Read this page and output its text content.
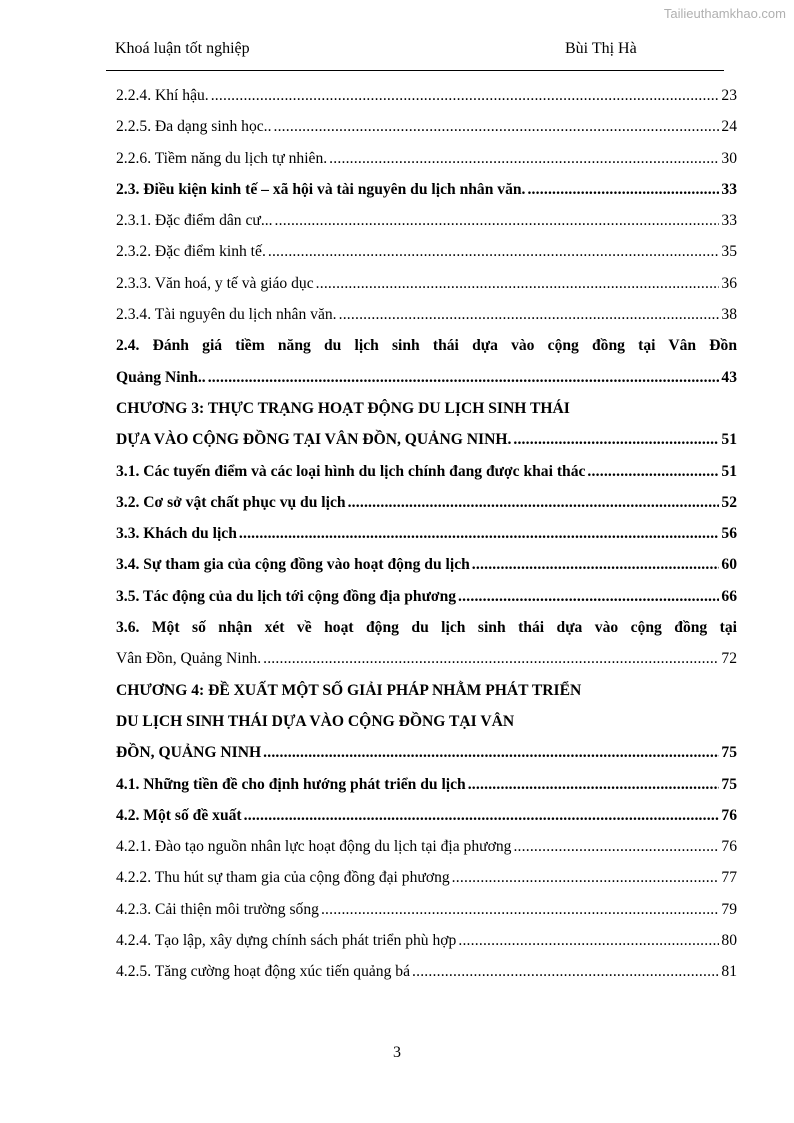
Tailieuthamkhao.com
Khoá luận tốt nghiệp	Bùi Thị Hà
2.2.4. Khí hậu. .....	23
2.2.5. Đa dạng sinh học.. .....	24
2.2.6. Tiềm năng du lịch tự nhiên. .....	30
2.3. Điều kiện kinh tế – xã hội và tài nguyên du lịch nhân văn. .....	33
2.3.1. Đặc điểm dân cư... .....	33
2.3.2. Đặc điểm kinh tế. .....	35
2.3.3. Văn hoá, y tế và giáo dục .....	36
2.3.4. Tài nguyên du lịch nhân văn. .....	38
2.4. Đánh giá tiềm năng du lịch sinh thái dựa vào cộng đồng tại Vân Đồn
Quảng Ninh.. .....	43
CHƯƠNG 3: THỰC TRẠNG HOẠT ĐỘNG DU LỊCH SINH THÁI
DỰA VÀO CỘNG ĐỒNG TẠI VÂN ĐỒN, QUẢNG NINH. .....	51
3.1. Các tuyến điểm và các loại hình du lịch chính đang được khai thác .....	51
3.2. Cơ sở vật chất phục vụ du lịch .....	52
3.3. Khách du lịch .....	56
3.4. Sự tham gia của cộng đồng vào hoạt động du lịch .....	60
3.5. Tác động của du lịch tới cộng đồng địa phương .....	66
3.6. Một số nhận xét về hoạt động du lịch sinh thái dựa vào cộng đồng tại
Vân Đồn, Quảng Ninh. .....	72
CHƯƠNG 4: ĐỀ XUẤT MỘT SỐ GIẢI PHÁP NHẰM PHÁT TRIỂN
DU LỊCH SINH THÁI DỰA VÀO CỘNG ĐỒNG TẠI VÂN
ĐỒN, QUẢNG NINH .....	75
4.1. Những tiền đề cho định hướng phát triển du lịch .....	75
4.2. Một số đề xuất .....	76
4.2.1. Đào tạo nguồn nhân lực hoạt động du lịch tại địa phương .....	76
4.2.2. Thu hút sự tham gia của cộng đồng đại phương .....	77
4.2.3. Cải thiện môi trường sống .....	79
4.2.4. Tạo lập, xây dựng chính sách phát triển phù hợp .....	80
4.2.5. Tăng cường hoạt động xúc tiến quảng bá .....	81
3
